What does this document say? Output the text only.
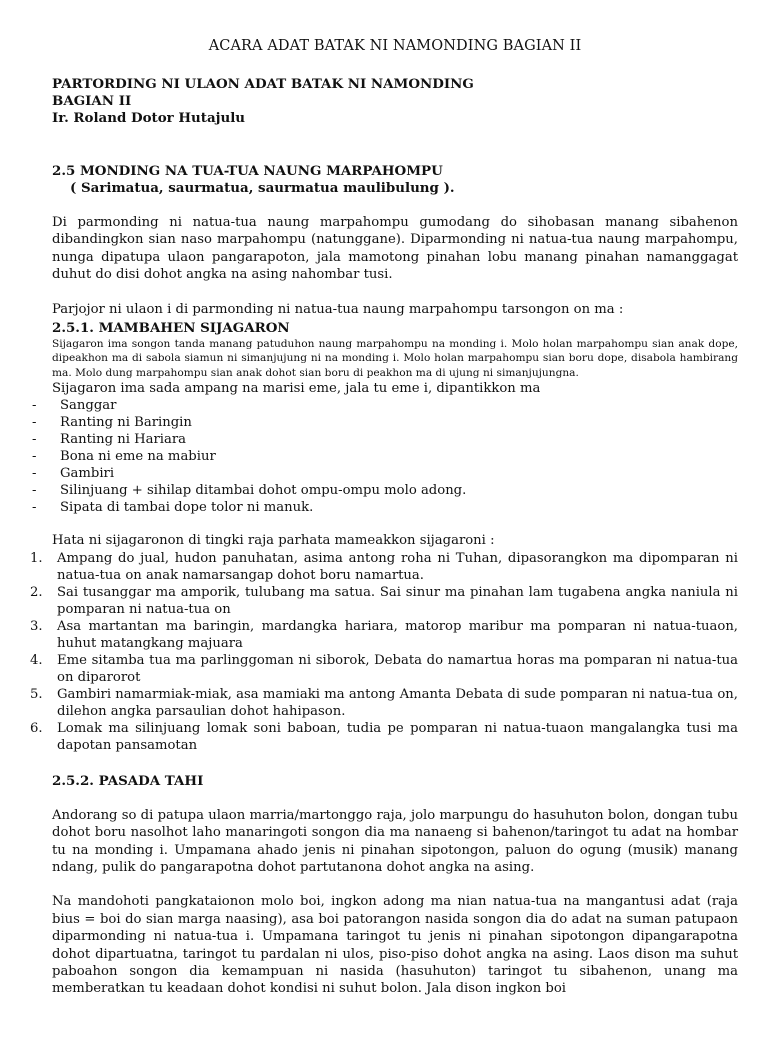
ACARA ADAT BATAK NI NAMONDING BAGIAN II
PARTORDING NI ULAON ADAT BATAK NI NAMONDING
BAGIAN II
Ir. Roland Dotor Hutajulu
2.5 MONDING NA TUA-TUA NAUNG MARPAHOMPU
( Sarimatua, saurmatua, saurmatua maulibulung ).

Di parmonding ni natua-tua naung marpahompu gumodang do sihobasan manang sibahenon dibandingkon sian naso marpahompu (natunggane). Diparmonding ni natua-tua naung marpahompu, nunga dipatupa ulaon pangarapoton, jala mamotong pinahan lobu manang pinahan namanggagat duhut do disi dohot angka na asing nahombar tusi.

Parjojor ni ulaon i di parmonding ni natua-tua naung marpahompu tarsongon on ma :

2.5.1. MAMBAHEN SIJAGARON

Sijagaron ima songon tanda manang patuduhon naung marpahompu na monding i. Molo holan marpahompu sian anak dope, dipeakhon ma di sabola siamun ni simanjujung ni na monding i. Molo holan marpahompu sian boru dope, disabola hambirang ma. Molo dung marpahompu sian anak dohot sian boru di peakhon ma di ujung ni simanjujungna.

Sijagaron ima sada ampang na marisi eme, jala tu eme i, dipantikkon ma

- Sanggar
- Ranting ni Baringin
- Ranting ni Hariara
- Bona ni eme na mabiur
- Gambiri
- Silinjuang + sihilap ditambai dohot ompu-ompu molo adong.
- Sipata di tambai dope tolor ni manuk.

Hata ni sijagaronon di tingki raja parhata mameakkon sijagaroni :

1. Ampang do jual, hudon panuhatan, asima antong roha ni Tuhan, dipasorangkon ma dipomparan ni natua-tua on anak namarsangap dohot boru namartua.
2. Sai tusanggar ma amporik, tulubang ma satua. Sai sinur ma pinahan lam tugabena angka naniula ni pomparan ni natua-tua on
3. Asa martantan ma baringin, mardangka hariara, matorop maribur ma pomparan ni natua-tuaon, huhut matangkang majuara
4. Eme sitamba tua ma parlinggoman ni siborok, Debata do namartua horas ma pomparan ni natua-tua on diparorot
5. Gambiri namarmiak-miak, asa mamiaki ma antong Amanta Debata di sude pomparan ni natua-tua on, dilehon angka parsaulian dohot hahipason.
6. Lomak ma silinjuang lomak soni baboan, tudia pe pomparan ni natua-tuaon mangalangka tusi ma dapotan pansamotan
2.5.2. PASADA TAHI

Andorang so di patupa ulaon marria/martonggo raja, jolo marpungu do hasuhuton bolon, dongan tubu dohot boru nasolhot laho manaringoti songon dia ma nanaeng si bahenon/taringot tu adat na hombar tu na monding i. Umpamana ahado jenis ni pinahan sipotongon, paluon do ogung (musik) manang ndang, pulik do pangarapotna dohot partutanona dohot angka na asing.

Na mandohoti pangkataionon molo boi, ingkon adong ma nian natua-tua na mangantusi adat (raja bius = boi do sian marga naasing), asa boi patorangon nasida songon dia do adat na suman patupaon diparmonding ni natua-tua i. Umpamana taringot tu jenis ni pinahan sipotongon dipangarapotna dohot dipartuatna, taringot tu pardalan ni ulos, piso-piso dohot angka na asing. Laos dison ma suhut paboahon songon dia kemampuan ni nasida (hasuhuton) taringot tu sibahenon, unang ma memberatkan tu keadaan dohot kondisi ni suhut bolon. Jala dison ingkon boi
